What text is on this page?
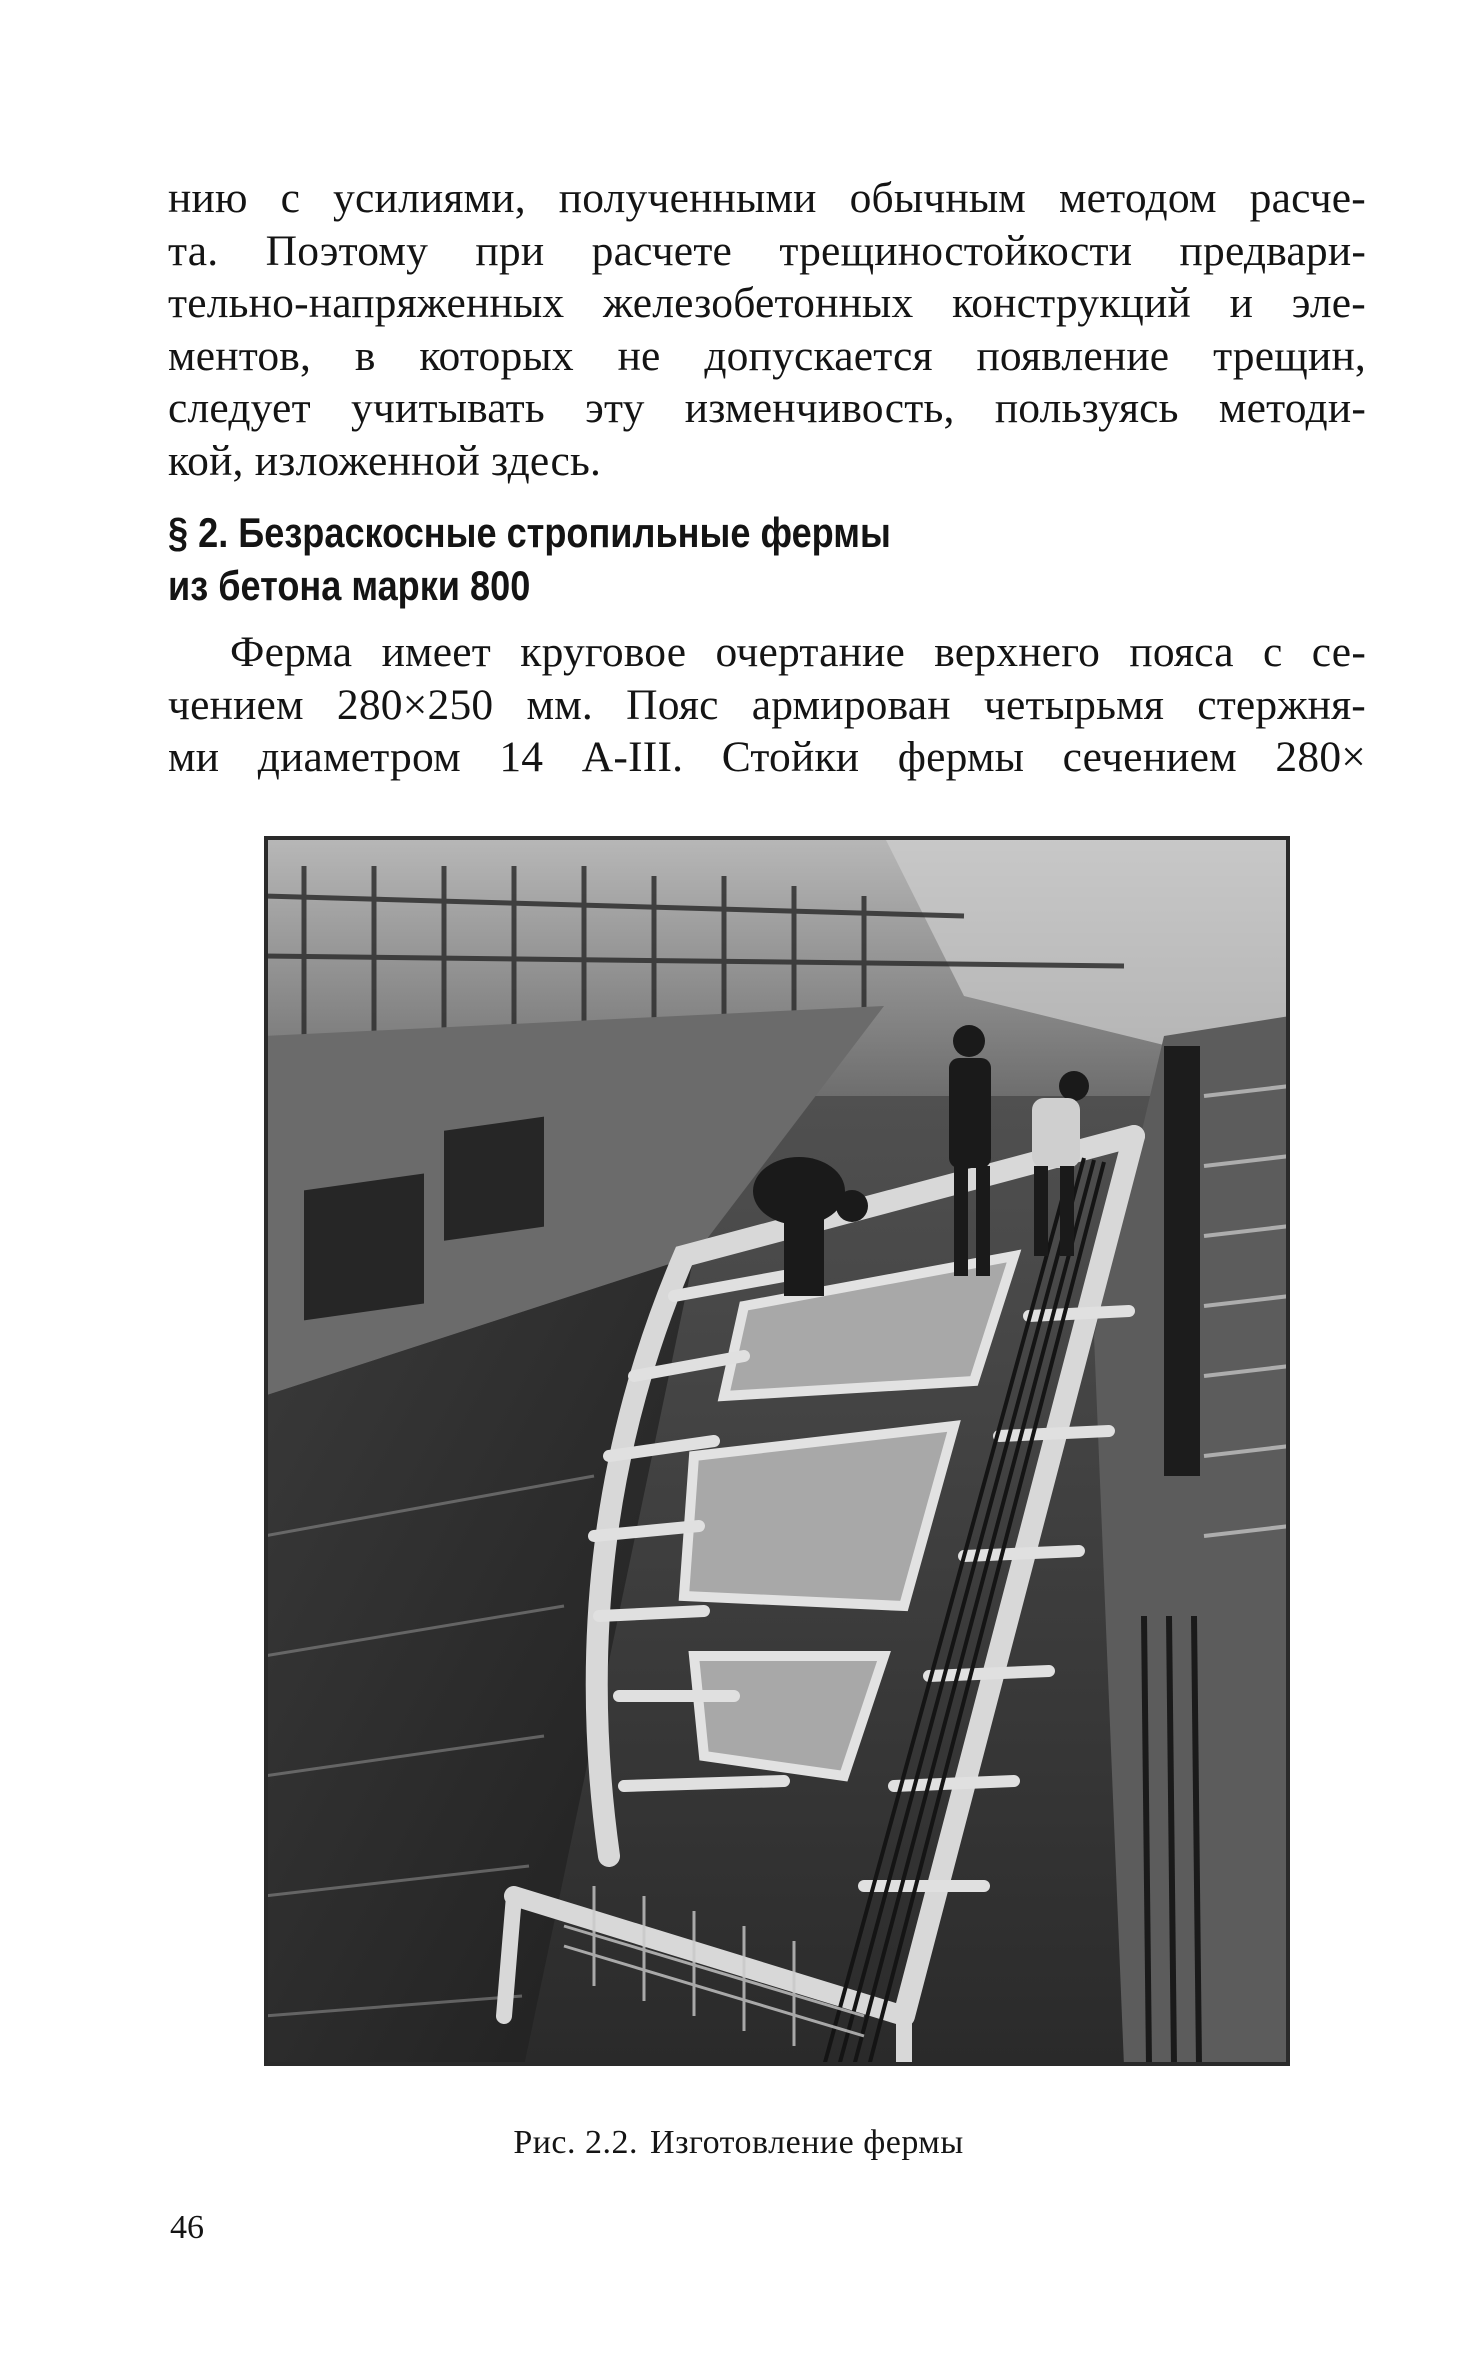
нию с усилиями, полученными обычным методом расче-
та. Поэтому при расчете трещиностойкости предвари-
тельно-напряженных железобетонных конструкций и эле-
ментов, в которых не допускается появление трещин,
следует учитывать эту изменчивость, пользуясь методи-
кой, изложенной здесь.

§ 2. Безраскосные стропильные фермы
из бетона марки 800

Ферма имеет круговое очертание верхнего пояса с се-
чением 280×250 мм. Пояс армирован четырьмя стержня-
ми диаметром 14 А-III. Стойки фермы сечением 280×

Рис. 2.2. Изготовление фермы
46
